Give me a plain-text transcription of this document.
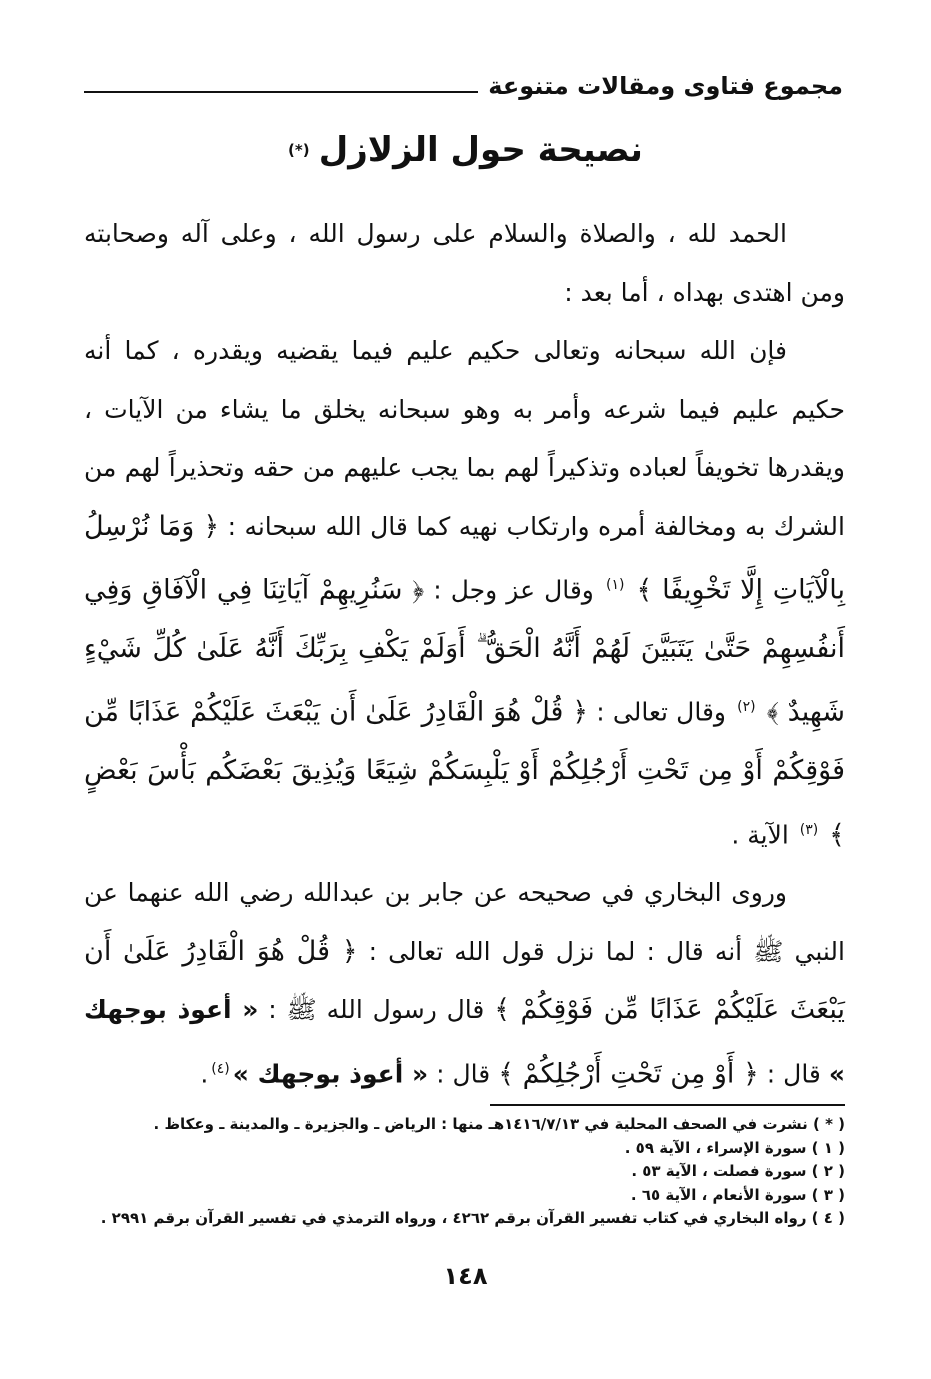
مجموع فتاوى ومقالات متنوعة
نصيحة حول الزلازل (*)

الحمد لله ، والصلاة والسلام على رسول الله ، وعلى آله وصحابته ومن اهتدى بهداه ، أما بعد :

فإن الله سبحانه وتعالى حكيم عليم فيما يقضيه ويقدره ، كما أنه حكيم عليم فيما شرعه وأمر به وهو سبحانه يخلق ما يشاء من الآيات ، ويقدرها تخويفاً لعباده وتذكيراً لهم بما يجب عليهم من حقه وتحذيراً لهم من الشرك به ومخالفة أمره وارتكاب نهيه كما قال الله سبحانه : ﴿ وَمَا نُرْسِلُ بِالْآيَاتِ إِلَّا تَخْوِيفًا ﴾ $^{(١)}$ وقال عز وجل : ﴿ سَنُرِيهِمْ آيَاتِنَا فِي الْآفَاقِ وَفِي أَنفُسِهِمْ حَتَّىٰ يَتَبَيَّنَ لَهُمْ أَنَّهُ الْحَقُّ ۗ أَوَلَمْ يَكْفِ بِرَبِّكَ أَنَّهُ عَلَىٰ كُلِّ شَيْءٍ شَهِيدٌ ﴾ $^{(٢)}$ وقال تعالى : ﴿ قُلْ هُوَ الْقَادِرُ عَلَىٰ أَن يَبْعَثَ عَلَيْكُمْ عَذَابًا مِّن فَوْقِكُمْ أَوْ مِن تَحْتِ أَرْجُلِكُمْ أَوْ يَلْبِسَكُمْ شِيَعًا وَيُذِيقَ بَعْضَكُم بَأْسَ بَعْضٍ ﴾ $^{(٣)}$ الآية .

وروى البخاري في صحيحه عن جابر بن عبدالله رضي الله عنهما عن النبي ﷺ أنه قال : لما نزل قول الله تعالى : ﴿ قُلْ هُوَ الْقَادِرُ عَلَىٰ أَن يَبْعَثَ عَلَيْكُمْ عَذَابًا مِّن فَوْقِكُمْ ﴾ قال رسول الله ﷺ : « أعوذ بوجهك » قال : ﴿ أَوْ مِن تَحْتِ أَرْجُلِكُمْ ﴾ قال : « أعوذ بوجهك »$^{(٤)}$.

( * ) نشرت في الصحف المحلية في ١٤١٦/٧/١٣هـ منها : الرياض ـ والجزيرة ـ والمدينة ـ وعكاظ .
( ١ ) سورة الإسراء ، الآية ٥٩ .
( ٢ ) سورة فصلت ، الآية ٥٣ .
( ٣ ) سورة الأنعام ، الآية ٦٥ .
( ٤ ) رواه البخاري في كتاب تفسير القرآن برقم ٤٢٦٢ ، ورواه الترمذي في تفسير القرآن برقم ٢٩٩١ .
١٤٨
